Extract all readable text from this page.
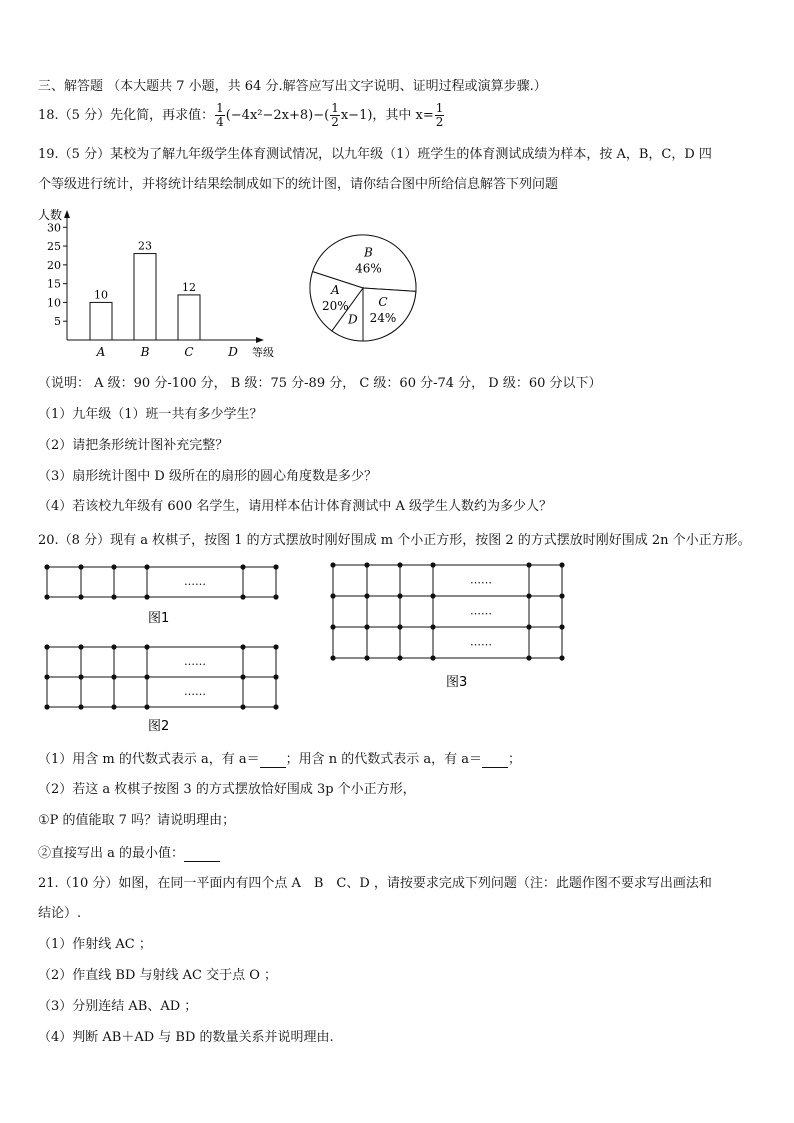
三、解答题 （本大题共 7 小题，共 64 分.解答应写出文字说明、证明过程或演算步骤.）
18.（5 分）先化简，再求值： $\frac{1}{4} (-4x^2-2x+8)-( \frac{1}{2} x-1)$，其中 $x= \frac{1}{2}$
19.（5 分）某校为了解九年级学生体育测试情况，以九年级（1）班学生的体育测试成绩为样本，按 A，B，C，D 四
个等级进行统计，并将统计结果绘制成如下的统计图，请你结合图中所给信息解答下列问题
人数
等级
5
10
15
20
25
30
10
A
23
B
12
C	D
B
46%
C
24%
D
A
20%
（说明： A 级：90 分-100 分， B 级：75 分-89 分， C 级：60 分-74 分， D 级：60 分以下）
（1）九年级（1）班一共有多少学生？
（2）请把条形统计图补充完整？
（3）扇形统计图中 D 级所在的扇形的圆心角度数是多少？
（4）若该校九年级有 600 名学生，请用样本估计体育测试中 A 级学生人数约为多少人？
20.（8 分）现有 a 枚棋子，按图 1 的方式摆放时刚好围成 m 个小正方形，按图 2 的方式摆放时刚好围成 2n 个小正方形。
……
图1
……
……
图2
……
……
……
图3
（1）用含 m 的代数式表示 a，有 a＝ ；用含 n 的代数式表示 a，有 a＝ ；
（2）若这 a 枚棋子按图 3 的方式摆放恰好围成 3p 个小正方形，
①P 的值能取 7 吗？请说明理由；
②直接写出 a 的最小值：
21.（10 分）如图，在同一平面内有四个点 A　B　C、D ，请按要求完成下列问题（注：此题作图不要求写出画法和
结论）.
（1）作射线 AC ；
（2）作直线 BD 与射线 AC 交于点 O ；
（3）分别连结 AB、AD ；
（4）判断 AB＋AD 与 BD 的数量关系并说明理由.
